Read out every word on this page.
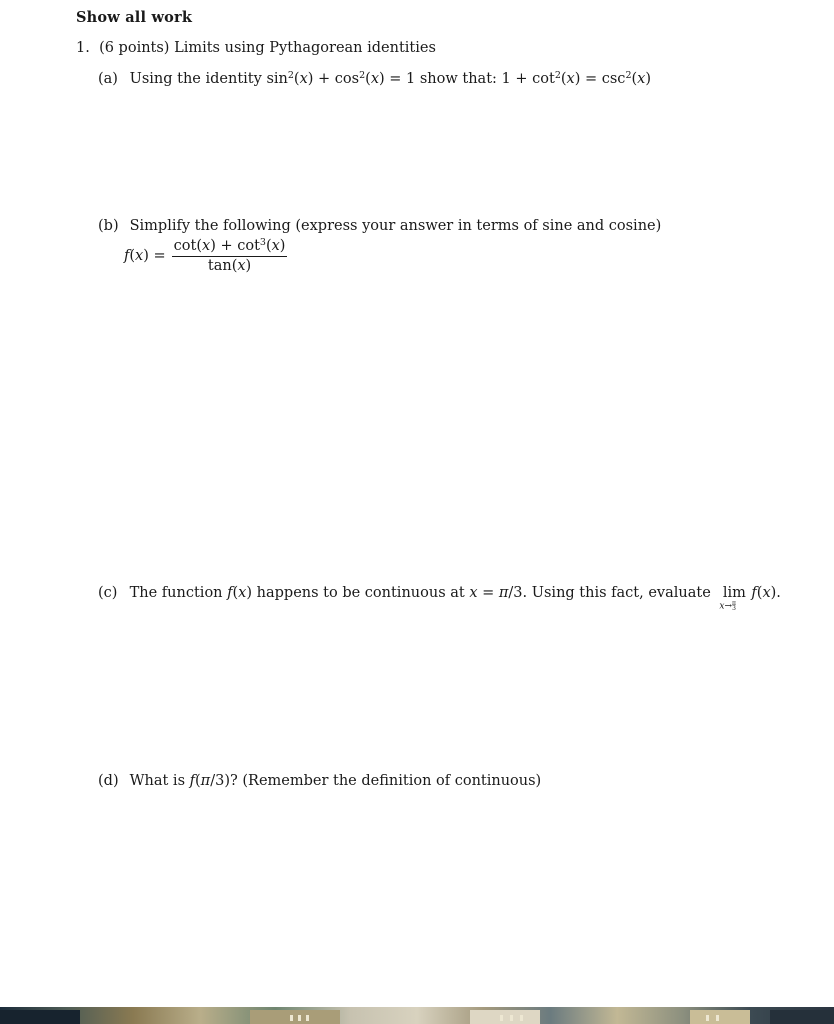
Show all work
1. (6 points) Limits using Pythagorean identities
(a) Using the identity $\sin^2(x) + \cos^2(x) = 1$ show that: $1 + \cot^2(x) = \csc^2(x)$
(b) Simplify the following (express your answer in terms of sine and cosine)
$f(x) = \frac{\cot(x) + \cot^3(x)}{\tan(x)}$
(c) The function f(x) happens to be continuous at x = π/3. Using this fact, evaluate lim
x→ π
3
f(x).
(d) What is f(π/3)? (Remember the definition of continuous)
